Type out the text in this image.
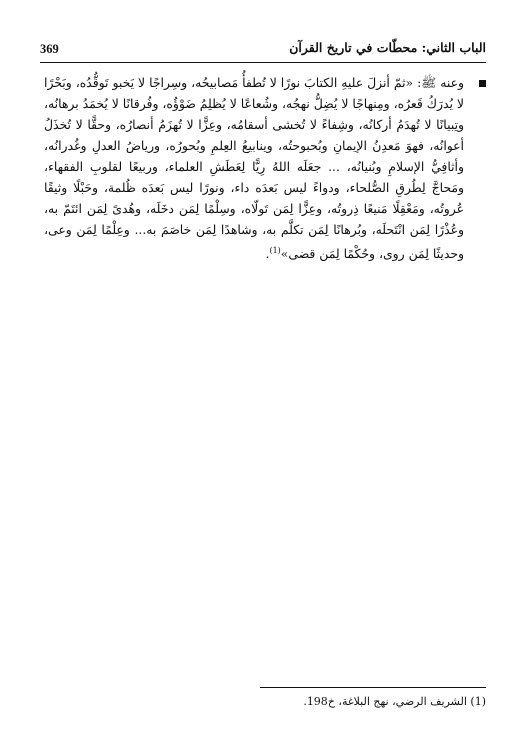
الباب الثاني: محطّات في تاريخ القرآن
369

وعنه ﷺ: «ثمّ أنزلَ عليهِ الكتابَ نورًا لا تُطفأُ مَصابيحُه، وسِراجًا لا يَخبو تَوقُّدُه، وبَحْرًا لا يُدرَكُ قَعرُه، ومِنهاجًا لا يُضِلُّ نهجُه، وشُعاعًا لا يُظلِمُ ضَوْؤُه، وفُرقانًا لا يُخمَدُ برهانُه، وتِبيانًا لا تُهدَمُ أركانُه، وشِفاءً لا تُخشى أسقامُه، وعِزًّا لا تُهزَمُ أنصارُه، وحقًّا لا تُخذَلُ أعوانُه، فهوَ مَعدِنُ الإيمانِ وبُحبوحتُه، وينابيعُ العِلمِ وبُحورُه، ورياضُ العدلِ وغُدرانُه، وأثافِيُّ الإسلامِ وبُنيانُه، ... جعَلَه اللهُ رِيًّا لِعَطَشِ العلماء، وربيعًا لقلوبِ الفقهاء، ومَحاجَّ لِطُرقِ الصُّلحاء، ودواءً ليس بَعدَه داء، ونورًا ليس بَعدَه ظُلمة، وحَبْلًا وثيقًا عُروتُه، ومَعْقِلًا مَنيعًا ذِروتُه، وعِزًّا لِمَن تَولّاه، وسِلْمًا لِمَن دخَلَه، وهُدىً لِمَن ائتَمّ به، وعُذْرًا لِمَن انْتَحلَه، وبُرهانًا لِمَن تكلَّم به، وشاهدًا لِمَن خاصَمَ به... وعِلْمًا لِمَن وعى، وحديثًا لِمَن روى، وحُكْمًا لِمَن قضى»$^{(1)}$.

(1) الشريف الرضي، نهج البلاغة، خ198.
